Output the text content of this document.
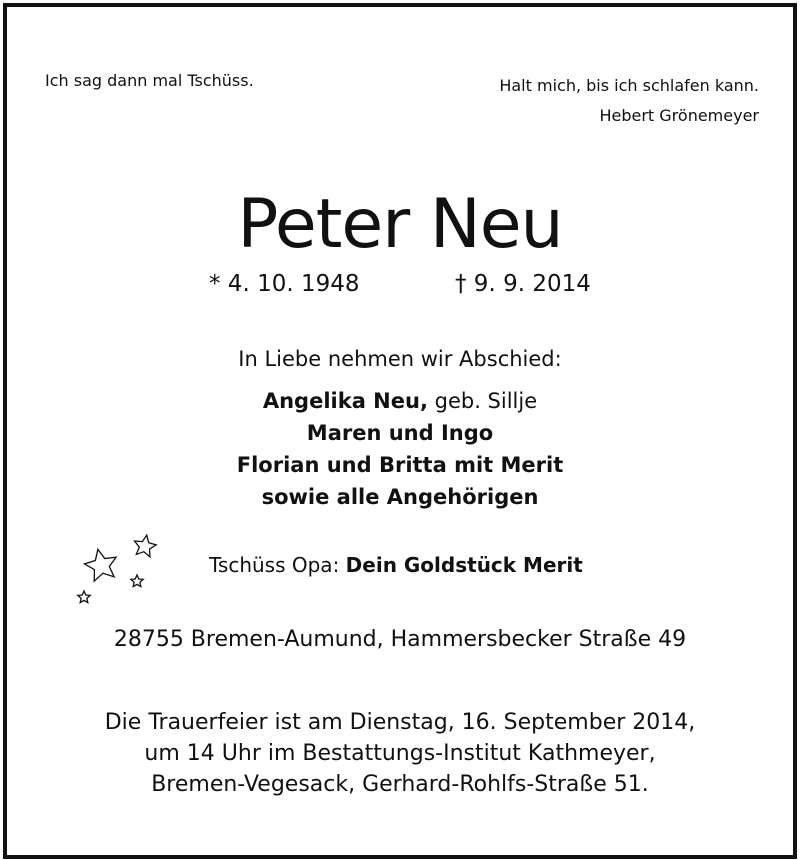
Ich sag dann mal Tschüss.	Halt mich, bis ich schlafen kann.
Hebert Grönemeyer
Peter Neu
* 4. 10. 1948	† 9. 9. 2014
In Liebe nehmen wir Abschied:
Angelika Neu, geb. Sillje
Maren und Ingo
Florian und Britta mit Merit
sowie alle Angehörigen
Tschüss Opa: Dein Goldstück Merit
28755 Bremen-Aumund, Hammersbecker Straße 49
Die Trauerfeier ist am Dienstag, 16. September 2014,
um 14 Uhr im Bestattungs-Institut Kathmeyer,
Bremen-Vegesack, Gerhard-Rohlfs-Straße 51.
